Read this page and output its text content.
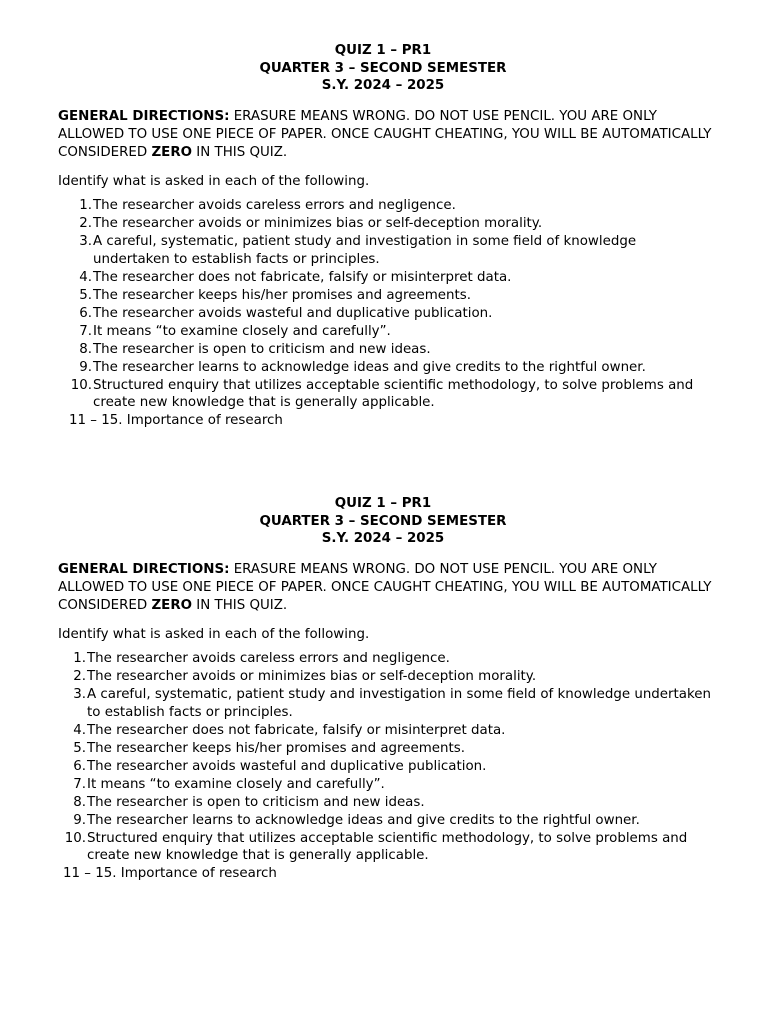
QUIZ 1 – PR1
QUARTER 3 – SECOND SEMESTER
S.Y. 2024 – 2025
GENERAL DIRECTIONS: ERASURE MEANS WRONG. DO NOT USE PENCIL. YOU ARE ONLY ALLOWED TO USE ONE PIECE OF PAPER. ONCE CAUGHT CHEATING, YOU WILL BE AUTOMATICALLY CONSIDERED ZERO IN THIS QUIZ.
Identify what is asked in each of the following.
1. The researcher avoids careless errors and negligence.
2. The researcher avoids or minimizes bias or self-deception morality.
3. A careful, systematic, patient study and investigation in some field of knowledge undertaken to establish facts or principles.
4. The researcher does not fabricate, falsify or misinterpret data.
5. The researcher keeps his/her promises and agreements.
6. The researcher avoids wasteful and duplicative publication.
7. It means “to examine closely and carefully”.
8. The researcher is open to criticism and new ideas.
9. The researcher learns to acknowledge ideas and give credits to the rightful owner.
10. Structured enquiry that utilizes acceptable scientific methodology, to solve problems and create new knowledge that is generally applicable.
11 – 15. Importance of research
QUIZ 1 – PR1
QUARTER 3 – SECOND SEMESTER
S.Y. 2024 – 2025
GENERAL DIRECTIONS: ERASURE MEANS WRONG. DO NOT USE PENCIL. YOU ARE ONLY ALLOWED TO USE ONE PIECE OF PAPER. ONCE CAUGHT CHEATING, YOU WILL BE AUTOMATICALLY CONSIDERED ZERO IN THIS QUIZ.
Identify what is asked in each of the following.
1. The researcher avoids careless errors and negligence.
2. The researcher avoids or minimizes bias or self-deception morality.
3. A careful, systematic, patient study and investigation in some field of knowledge undertaken to establish facts or principles.
4. The researcher does not fabricate, falsify or misinterpret data.
5. The researcher keeps his/her promises and agreements.
6. The researcher avoids wasteful and duplicative publication.
7. It means “to examine closely and carefully”.
8. The researcher is open to criticism and new ideas.
9. The researcher learns to acknowledge ideas and give credits to the rightful owner.
10. Structured enquiry that utilizes acceptable scientific methodology, to solve problems and create new knowledge that is generally applicable.
11 – 15. Importance of research
